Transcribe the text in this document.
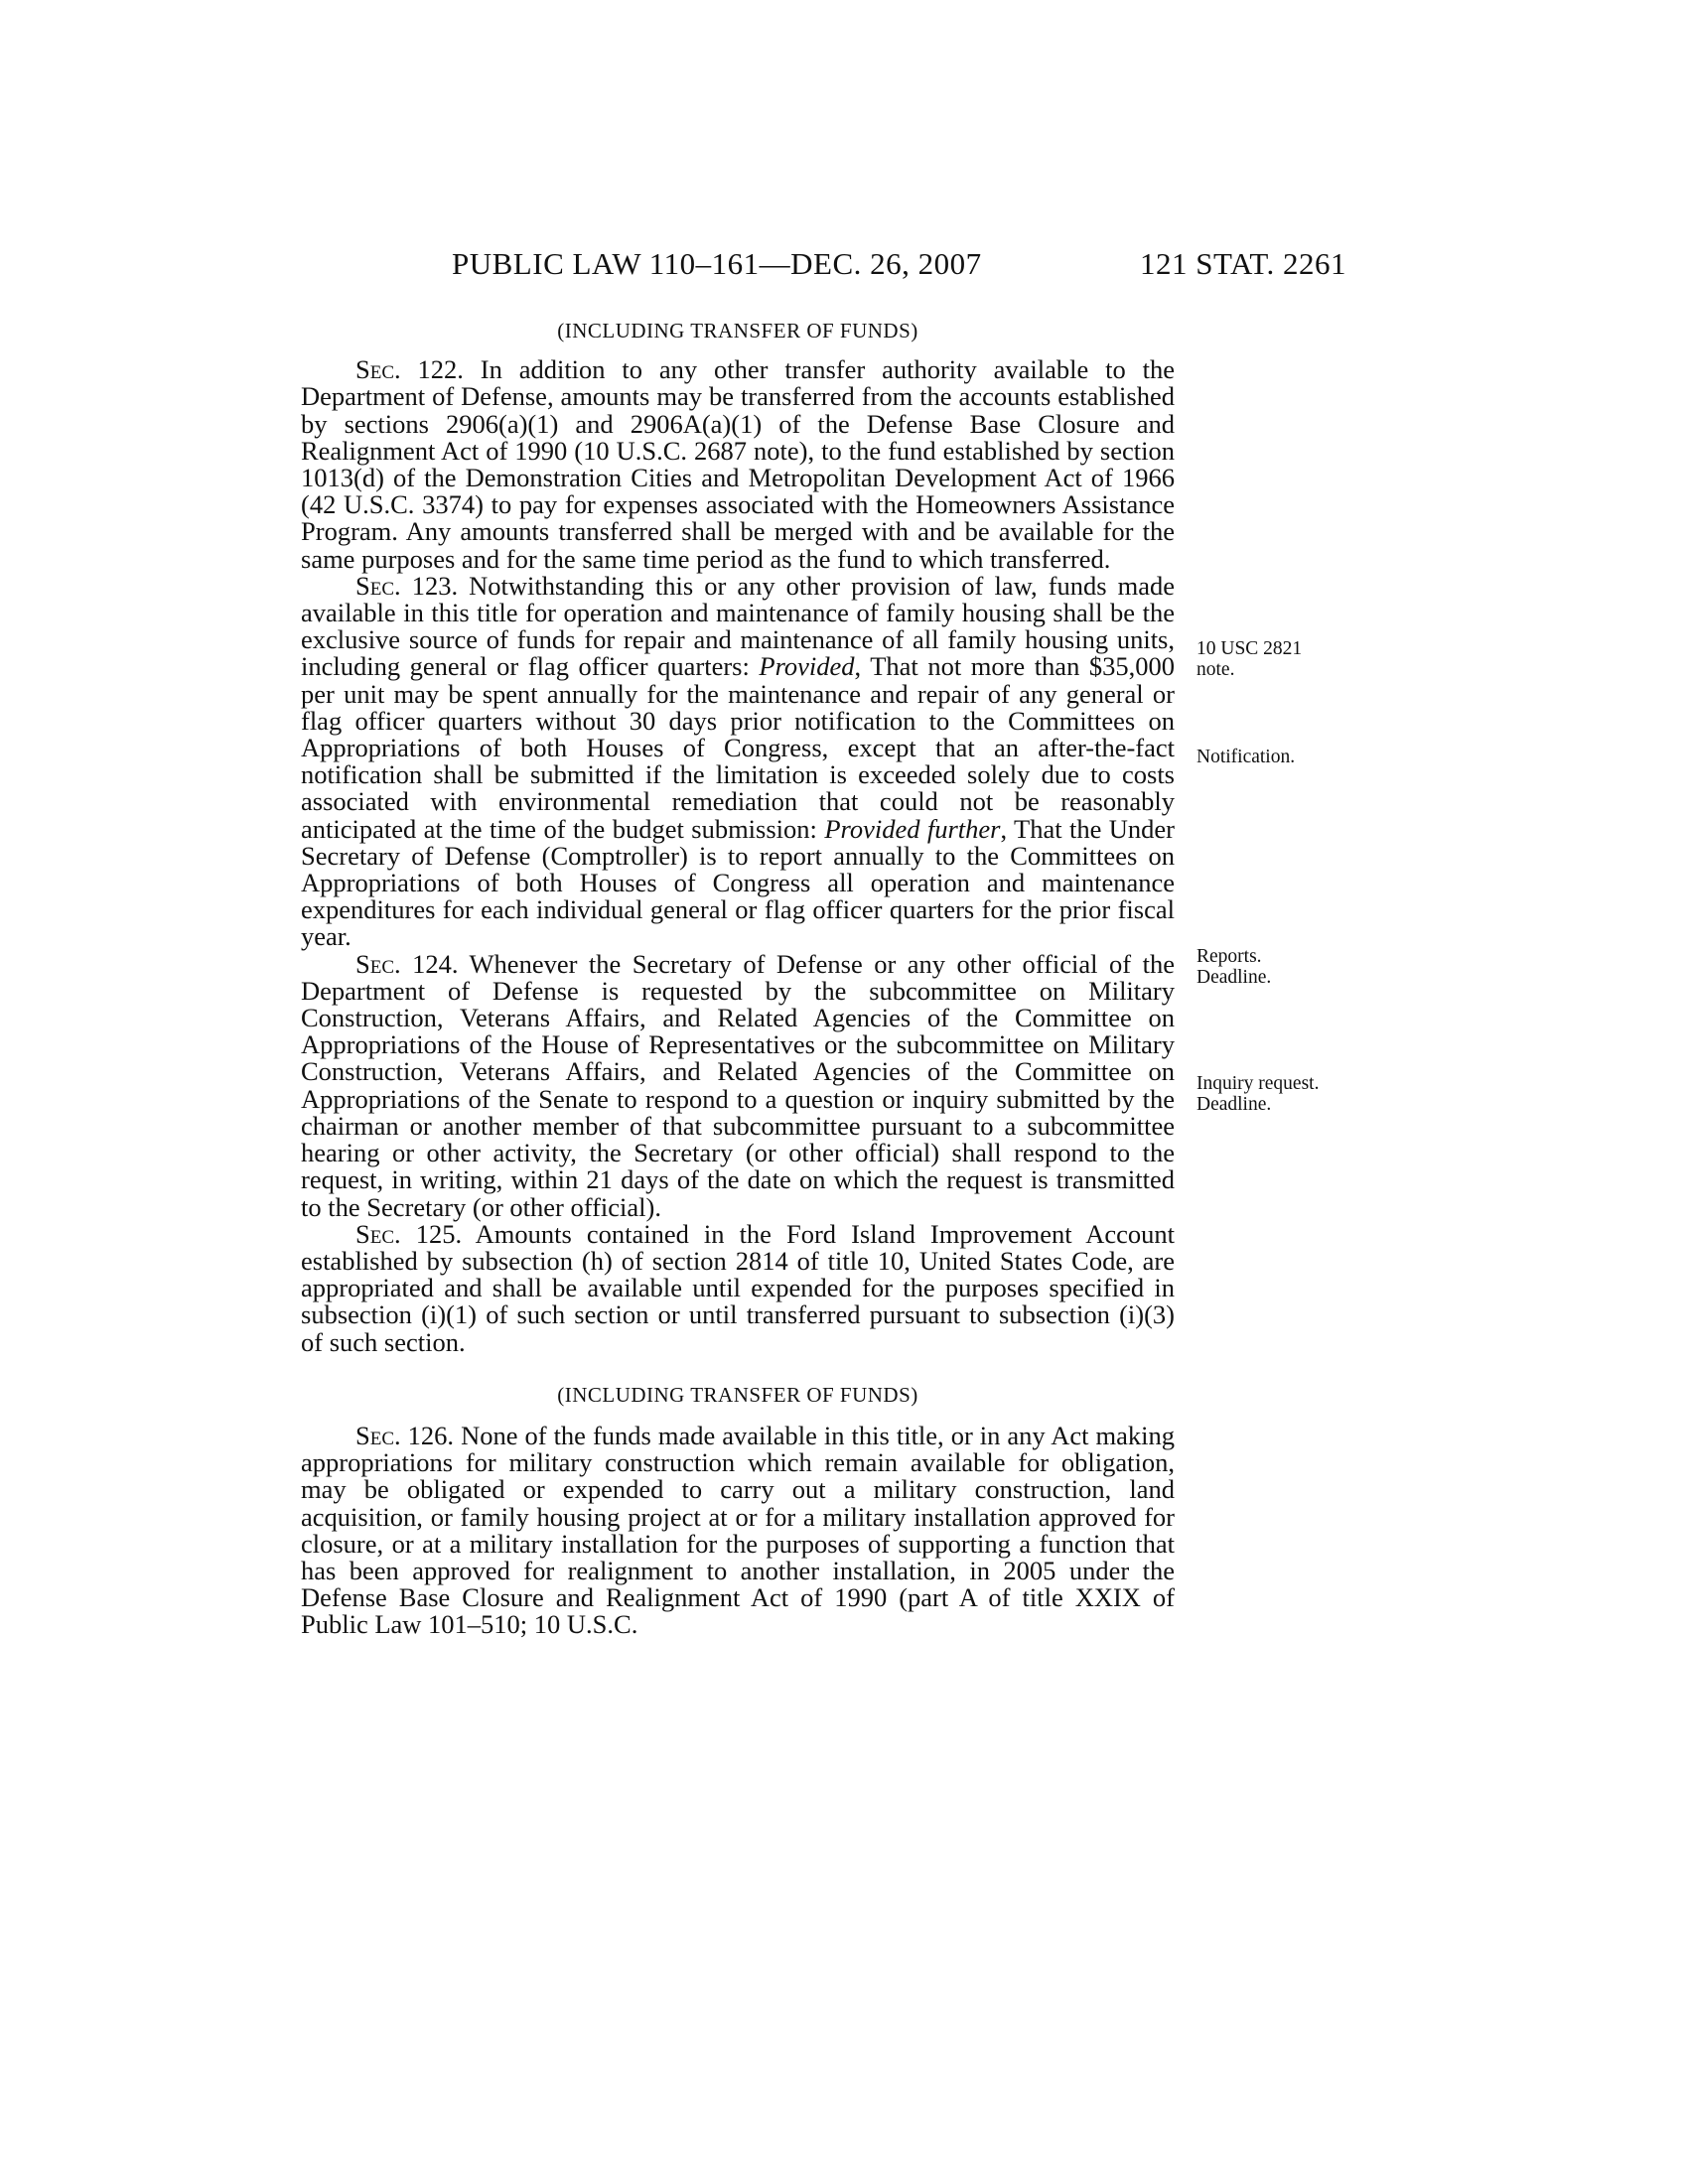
PUBLIC LAW 110–161—DEC. 26, 2007	121 STAT. 2261
(INCLUDING TRANSFER OF FUNDS)

Sec. 122. In addition to any other transfer authority available to the Department of Defense, amounts may be transferred from the accounts established by sections 2906(a)(1) and 2906A(a)(1) of the Defense Base Closure and Realignment Act of 1990 (10 U.S.C. 2687 note), to the fund established by section 1013(d) of the Demonstration Cities and Metropolitan Development Act of 1966 (42 U.S.C. 3374) to pay for expenses associated with the Homeowners Assistance Program. Any amounts transferred shall be merged with and be available for the same purposes and for the same time period as the fund to which transferred.

Sec. 123. Notwithstanding this or any other provision of law, funds made available in this title for operation and maintenance of family housing shall be the exclusive source of funds for repair and maintenance of all family housing units, including general or flag officer quarters: Provided, That not more than $35,000 per unit may be spent annually for the maintenance and repair of any general or flag officer quarters without 30 days prior notification to the Committees on Appropriations of both Houses of Congress, except that an after-the-fact notification shall be submitted if the limitation is exceeded solely due to costs associated with environmental remediation that could not be reasonably anticipated at the time of the budget submission: Provided further, That the Under Secretary of Defense (Comptroller) is to report annually to the Committees on Appropriations of both Houses of Congress all operation and maintenance expenditures for each individual general or flag officer quarters for the prior fiscal year.

Sec. 124. Whenever the Secretary of Defense or any other official of the Department of Defense is requested by the subcommittee on Military Construction, Veterans Affairs, and Related Agencies of the Committee on Appropriations of the House of Representatives or the subcommittee on Military Construction, Veterans Affairs, and Related Agencies of the Committee on Appropriations of the Senate to respond to a question or inquiry submitted by the chairman or another member of that subcommittee pursuant to a subcommittee hearing or other activity, the Secretary (or other official) shall respond to the request, in writing, within 21 days of the date on which the request is transmitted to the Secretary (or other official).

Sec. 125. Amounts contained in the Ford Island Improvement Account established by subsection (h) of section 2814 of title 10, United States Code, are appropriated and shall be available until expended for the purposes specified in subsection (i)(1) of such section or until transferred pursuant to subsection (i)(3) of such section.

(INCLUDING TRANSFER OF FUNDS)

Sec. 126. None of the funds made available in this title, or in any Act making appropriations for military construction which remain available for obligation, may be obligated or expended to carry out a military construction, land acquisition, or family housing project at or for a military installation approved for closure, or at a military installation for the purposes of supporting a function that has been approved for realignment to another installation, in 2005 under the Defense Base Closure and Realignment Act of 1990 (part A of title XXIX of Public Law 101–510; 10 U.S.C.

10 USC 2821
note.
Notification.
Reports.
Deadline.
Inquiry request.
Deadline.
